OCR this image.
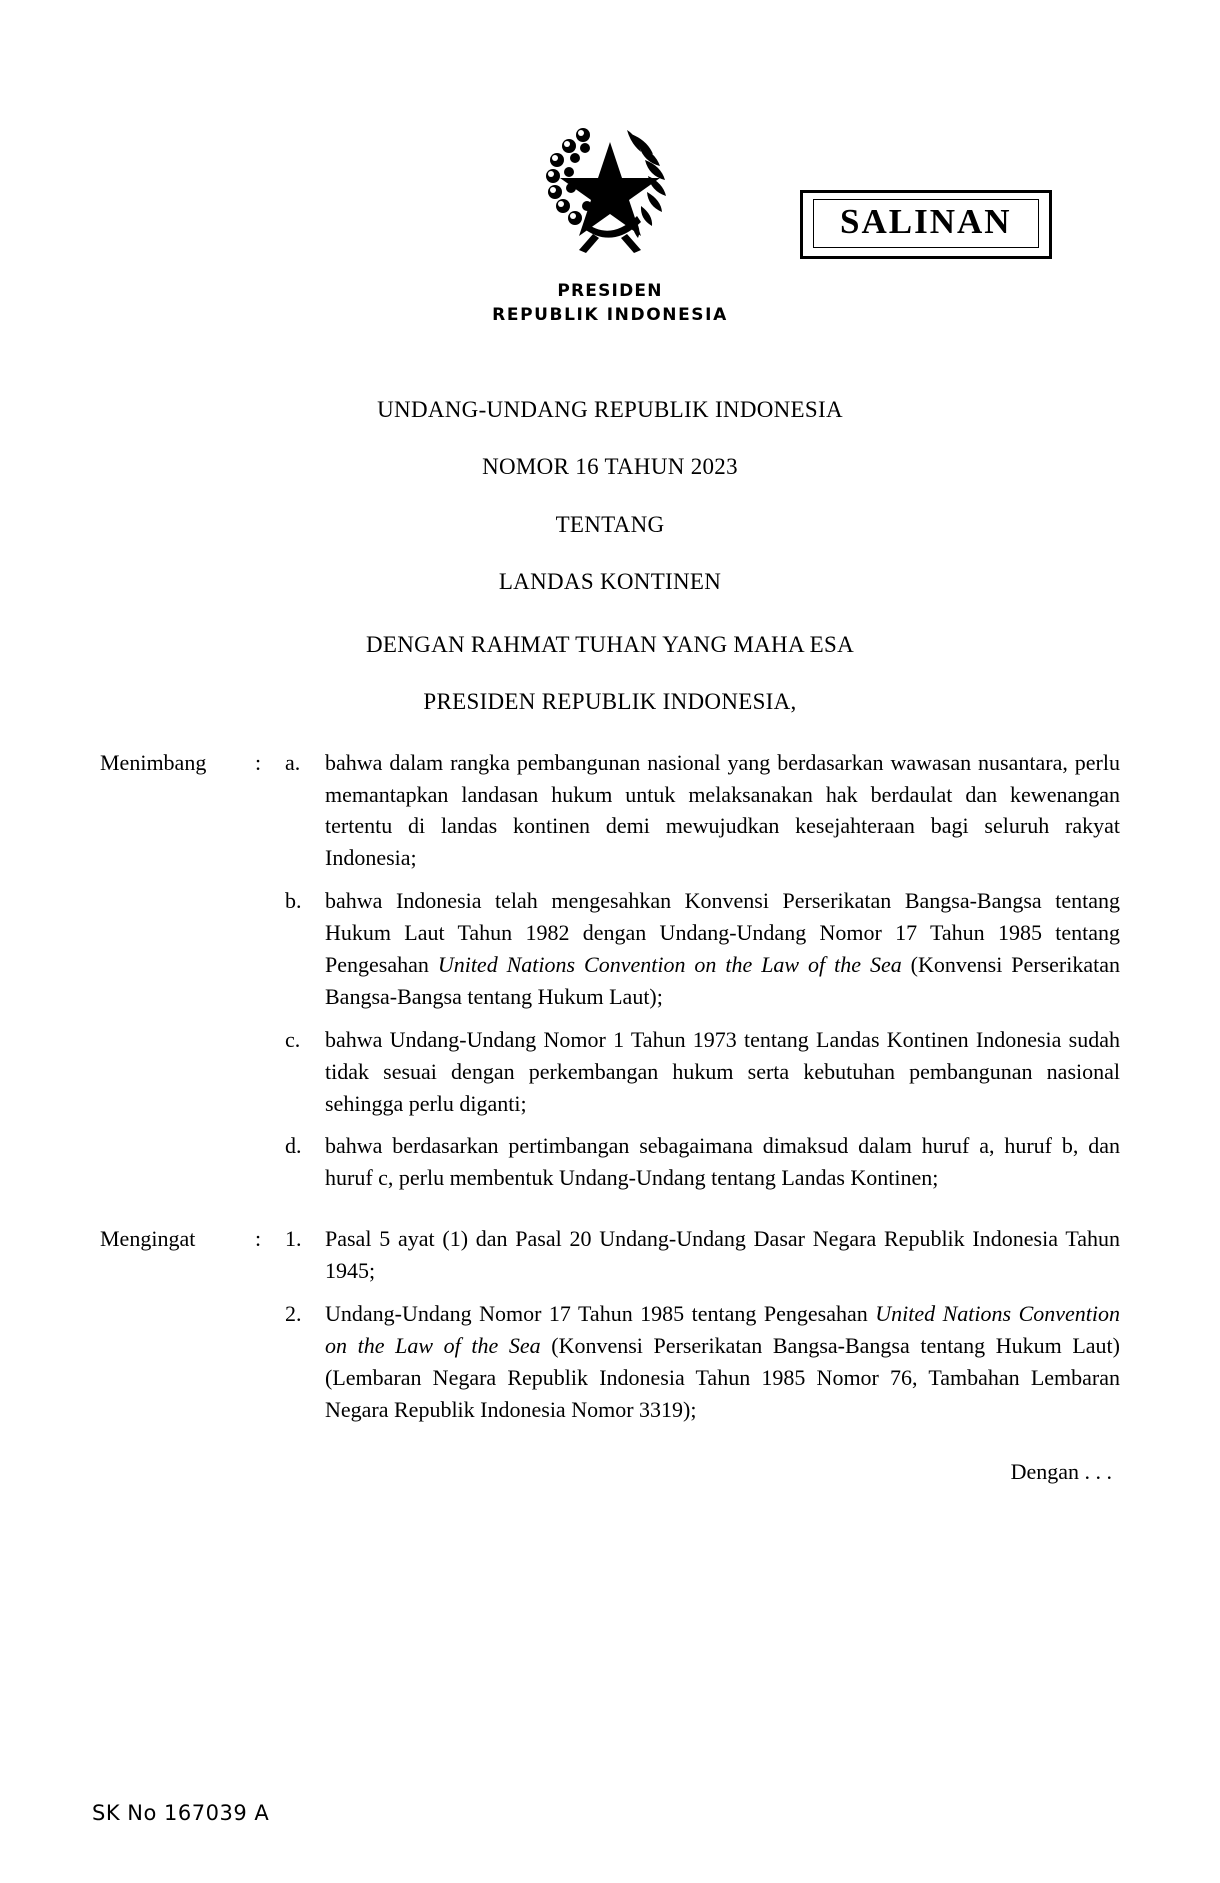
SALINAN
PRESIDEN
REPUBLIK INDONESIA
UNDANG-UNDANG REPUBLIK INDONESIA
NOMOR 16 TAHUN 2023
TENTANG
LANDAS KONTINEN
DENGAN RAHMAT TUHAN YANG MAHA ESA
PRESIDEN REPUBLIK INDONESIA,
Menimbang	:	a.	bahwa dalam rangka pembangunan nasional yang berdasarkan wawasan nusantara, perlu memantapkan landasan hukum untuk melaksanakan hak berdaulat dan kewenangan tertentu di landas kontinen demi mewujudkan kesejahteraan bagi seluruh rakyat Indonesia;
b.	bahwa Indonesia telah mengesahkan Konvensi Perserikatan Bangsa-Bangsa tentang Hukum Laut Tahun 1982 dengan Undang-Undang Nomor 17 Tahun 1985 tentang Pengesahan United Nations Convention on the Law of the Sea (Konvensi Perserikatan Bangsa-Bangsa tentang Hukum Laut);
c.	bahwa Undang-Undang Nomor 1 Tahun 1973 tentang Landas Kontinen Indonesia sudah tidak sesuai dengan perkembangan hukum serta kebutuhan pembangunan nasional sehingga perlu diganti;
d.	bahwa berdasarkan pertimbangan sebagaimana dimaksud dalam huruf a, huruf b, dan huruf c, perlu membentuk Undang-Undang tentang Landas Kontinen;
Mengingat	:	1.	Pasal 5 ayat (1) dan Pasal 20 Undang-Undang Dasar Negara Republik Indonesia Tahun 1945;
2.	Undang-Undang Nomor 17 Tahun 1985 tentang Pengesahan United Nations Convention on the Law of the Sea (Konvensi Perserikatan Bangsa-Bangsa tentang Hukum Laut) (Lembaran Negara Republik Indonesia Tahun 1985 Nomor 76, Tambahan Lembaran Negara Republik Indonesia Nomor 3319);
Dengan . . .
SK No 167039 A
